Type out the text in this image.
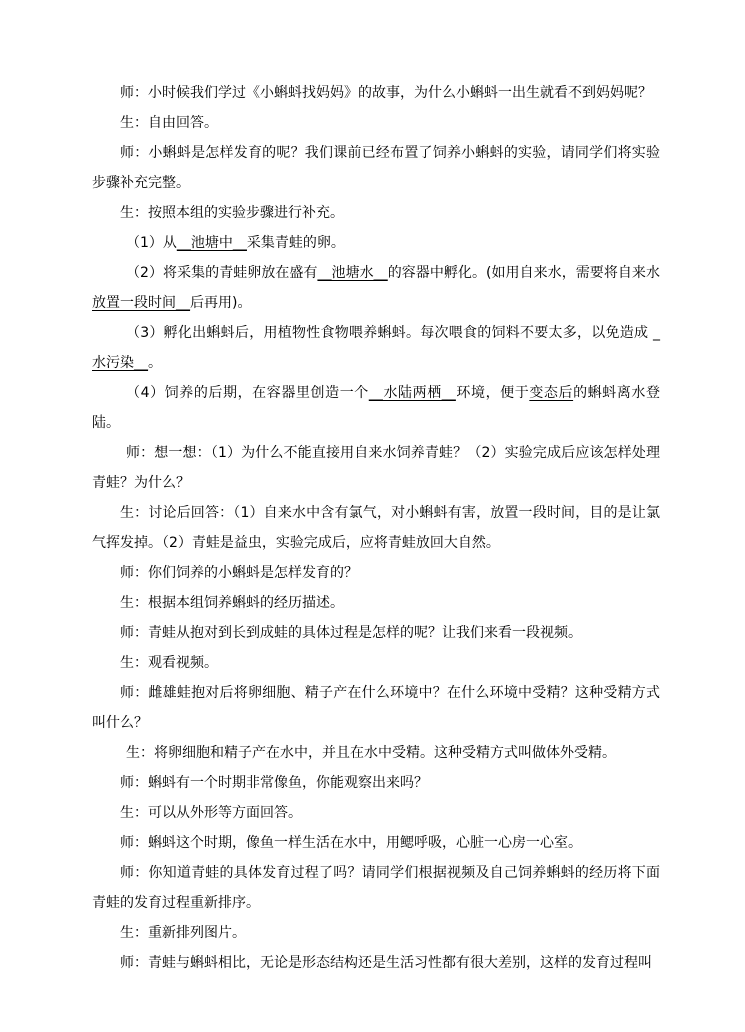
师：小时候我们学过《小蝌蚪找妈妈》的故事，为什么小蝌蚪一出生就看不到妈妈呢？

生：自由回答。

师：小蝌蚪是怎样发育的呢？我们课前已经布置了饲养小蝌蚪的实验，请同学们将实验步骤补充完整。

生：按照本组的实验步骤进行补充。

（1）从__池塘中__采集青蛙的卵。

（2）将采集的青蛙卵放在盛有__池塘水__的容器中孵化。(如用自来水，需要将自来水放置一段时间__后再用)。

（3）孵化出蝌蚪后，用植物性食物喂养蝌蚪。每次喂食的饲料不要太多，以免造成 _水污染__。

（4）饲养的后期，在容器里创造一个__水陆两栖__环境，便于变态后的蝌蚪离水登陆。

师：想一想：（1）为什么不能直接用自来水饲养青蛙？（2）实验完成后应该怎样处理青蛙？为什么？

生：讨论后回答：（1）自来水中含有氯气，对小蝌蚪有害，放置一段时间，目的是让氯气挥发掉。（2）青蛙是益虫，实验完成后，应将青蛙放回大自然。

师：你们饲养的小蝌蚪是怎样发育的？

生：根据本组饲养蝌蚪的经历描述。

师：青蛙从抱对到长到成蛙的具体过程是怎样的呢？让我们来看一段视频。

生：观看视频。

师：雌雄蛙抱对后将卵细胞、精子产在什么环境中？在什么环境中受精？这种受精方式叫什么？

生：将卵细胞和精子产在水中，并且在水中受精。这种受精方式叫做体外受精。

师：蝌蚪有一个时期非常像鱼，你能观察出来吗？

生：可以从外形等方面回答。

师：蝌蚪这个时期，像鱼一样生活在水中，用鳃呼吸，心脏一心房一心室。

师：你知道青蛙的具体发育过程了吗？请同学们根据视频及自己饲养蝌蚪的经历将下面青蛙的发育过程重新排序。

生：重新排列图片。

师：青蛙与蝌蚪相比，无论是形态结构还是生活习性都有很大差别，这样的发育过程叫
